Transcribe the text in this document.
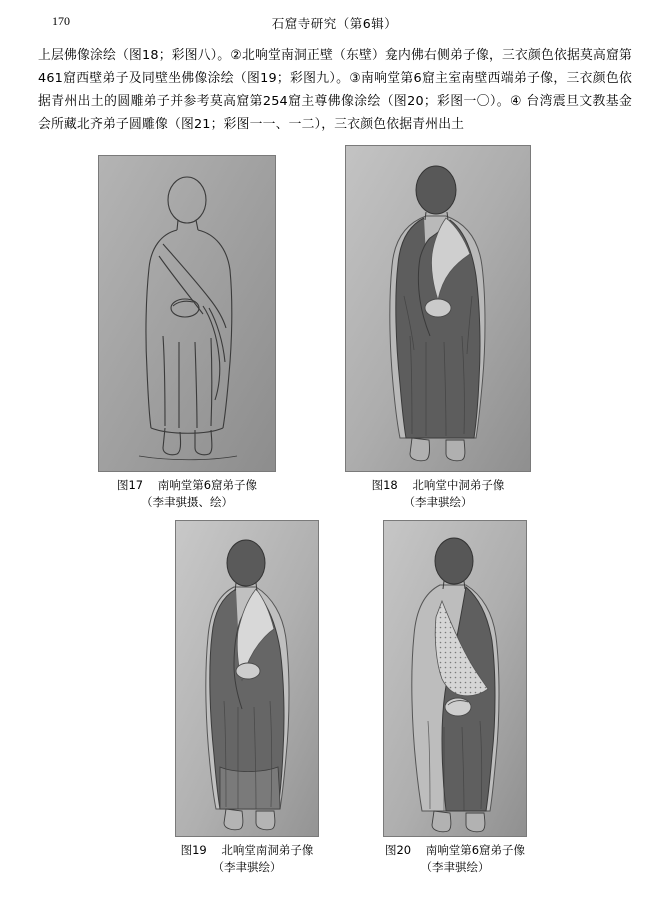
170	石窟寺研究（第6辑）

上层佛像涂绘（图18；彩图八）。②北响堂南洞正壁（东壁）龛内佛右侧弟子像，三衣颜色依据莫高窟第461窟西壁弟子及同壁坐佛像涂绘（图19；彩图九）。③南响堂第6窟主室南壁西端弟子像，三衣颜色依据青州出土的圆雕弟子并参考莫高窟第254窟主尊佛像涂绘（图20；彩图一〇）。④ 台湾震旦文教基金会所藏北齐弟子圆雕像（图21；彩图一一、一二），三衣颜色依据青州出土

图17 南响堂第6窟弟子像
（李聿骐摄、绘）
图18 北响堂中洞弟子像
（李聿骐绘）
图19 北响堂南洞弟子像
（李聿骐绘）
图20 南响堂第6窟弟子像
（李聿骐绘）
